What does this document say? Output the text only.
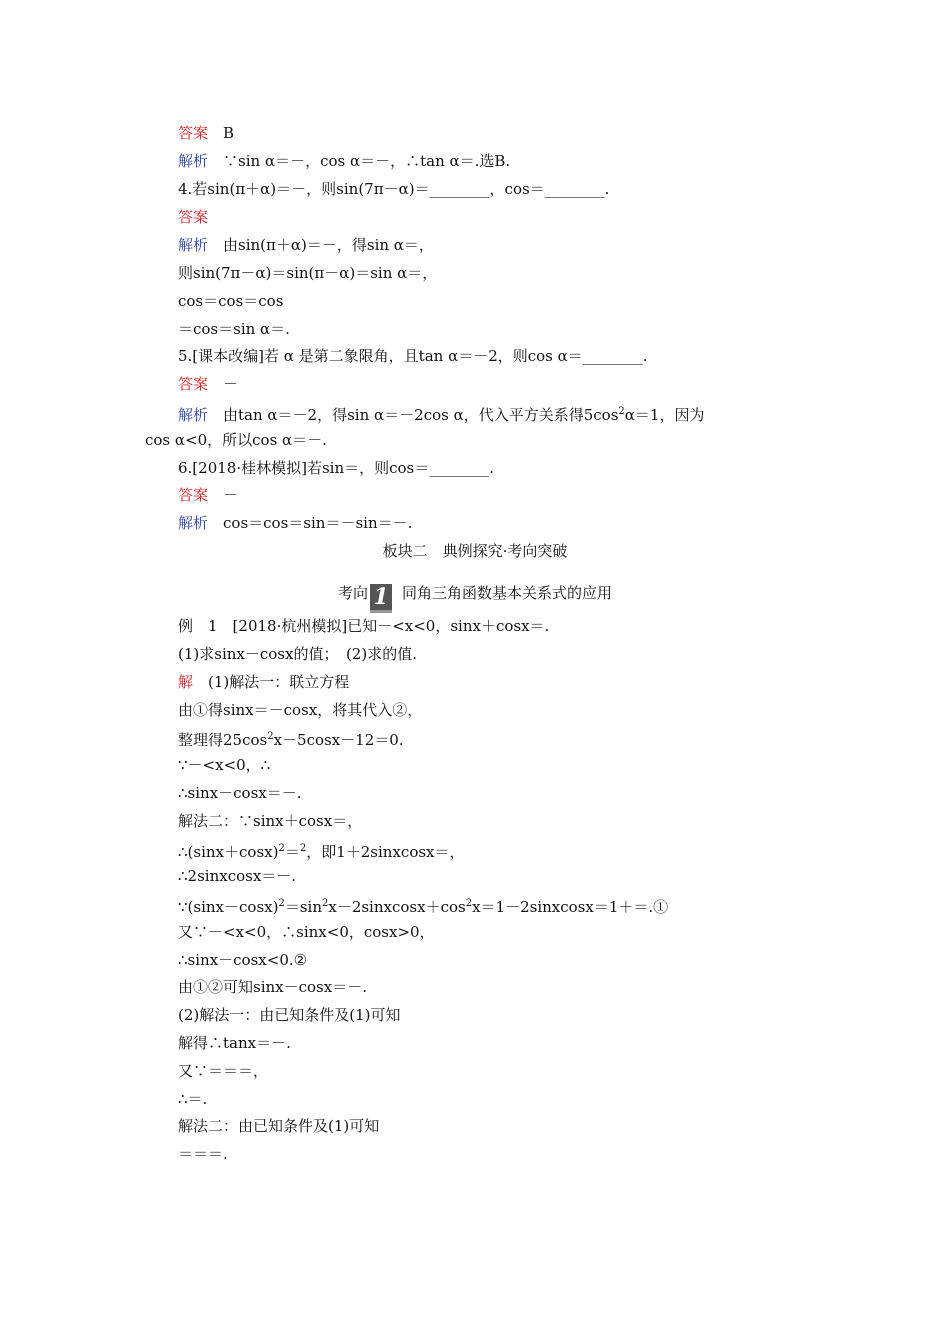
答案　 B
解析　 ∵sin α＝－，cos α＝－，∴tan α＝.选B.
4.若sin(π＋α)＝－，则sin(7π－α)＝________，cos＝________.
答案
解析　 由sin(π＋α)＝－，得sin α＝，
则sin(7π－α)＝sin(π－α)＝sin α＝，
cos＝cos＝cos
＝cos＝sin α＝.
5.[课本改编]若 α 是第二象限角，且tan α＝－2，则cos α＝________.
答案　 －
解析　 由tan α＝－2，得sin α＝－2cos α，代入平方关系得$5\cos^2\alpha=1$，因为
cos α<0，所以cos α＝－.
6.[2018·桂林模拟]若sin＝，则cos＝________.
答案　 －
解析　 cos＝cos＝sin＝－sin＝－.
板块二　典例探究·考向突破
考向 1 同角三角函数基本关系式的应用
例　1　[2018·杭州模拟]已知－<x<0，sinx＋cosx＝.
(1)求sinx－cosx的值；　(2)求的值.
解　 (1)解法一：联立方程
由①得sinx＝－cosx，将其代入②，
整理得$25\cos^2x-5\cos x-12=0$.
∵－<x<0，∴
∴sinx－cosx＝－.
解法二：∵sinx＋cosx＝，
$\therefore(\sin x+\cos x)^2=^2$，即1＋2sinxcosx＝，
∴2sinxcosx＝－.
$\because(\sin x-\cos x)^2=\sin^2x-2sinxcosx+\cos^2x=1-2sinxcosx=1+=.①$
又∵－<x<0，∴sinx<0，cosx>0，
∴sinx－cosx<0.②
由①②可知sinx－cosx＝－.
(2)解法一：由已知条件及(1)可知
解得∴tanx＝－.
又∵＝＝＝，
∴＝.
解法二：由已知条件及(1)可知
＝＝＝.
